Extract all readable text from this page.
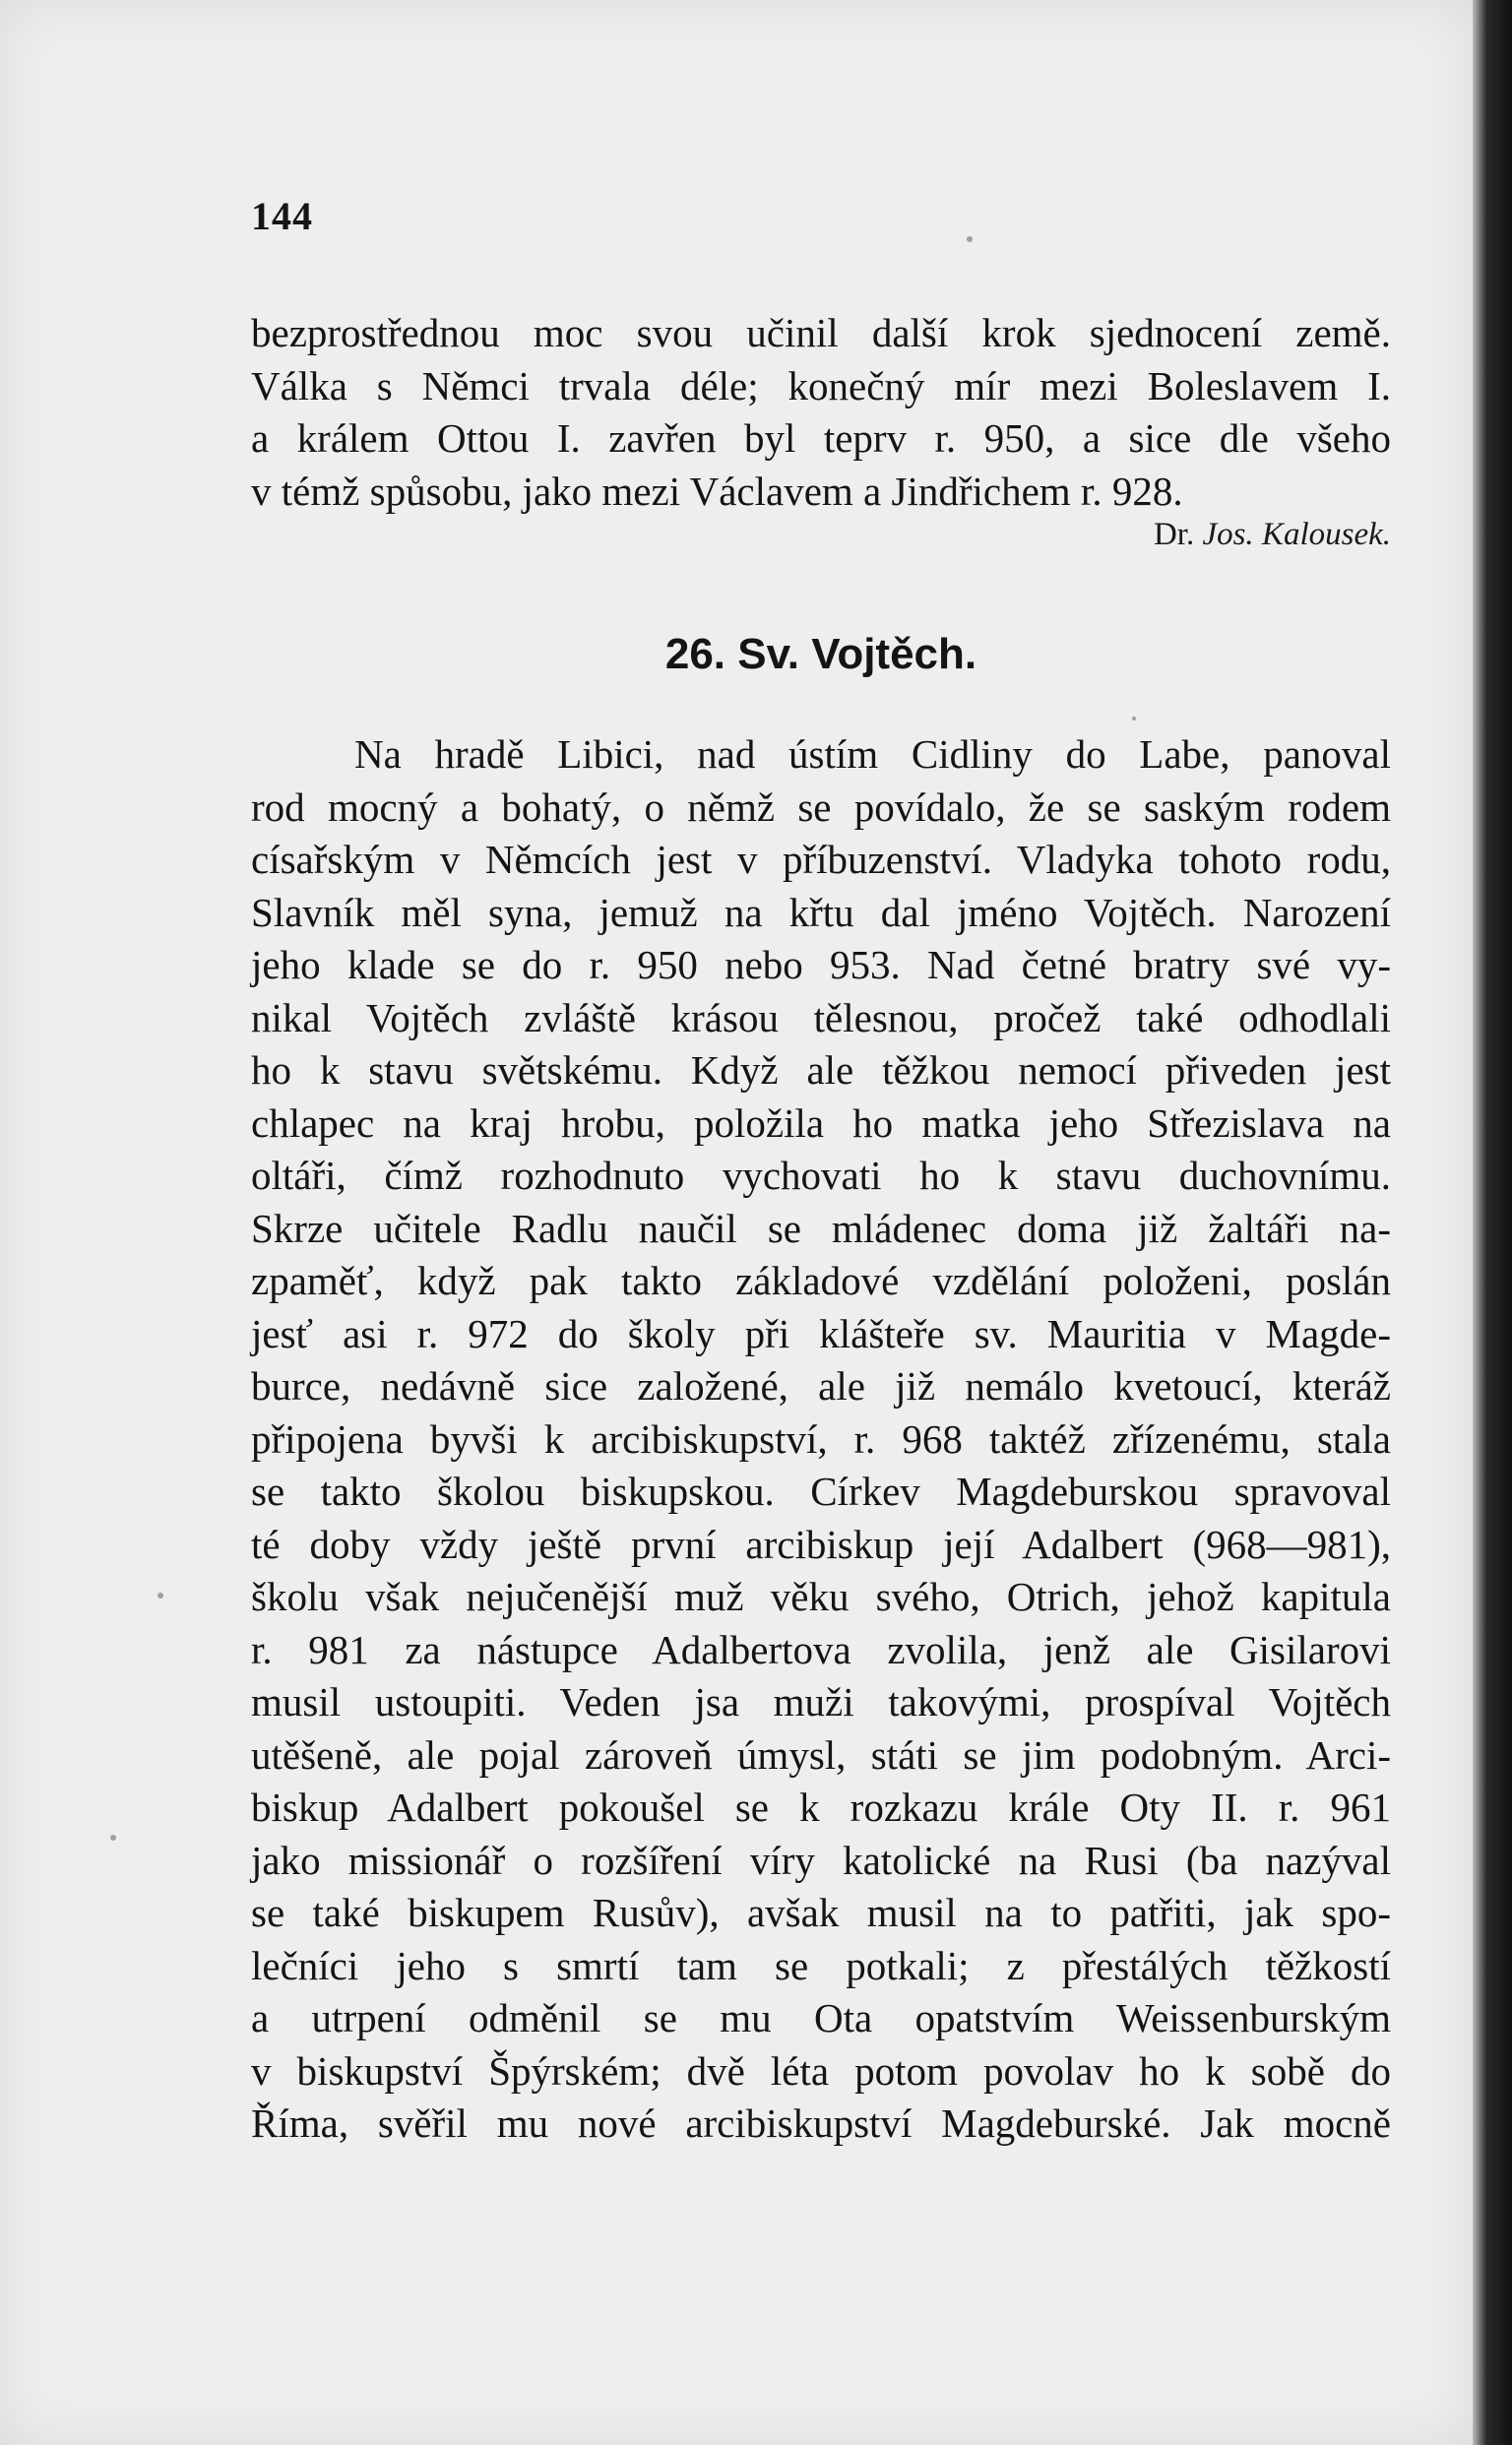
144
bezprostřednou moc svou učinil další krok sjednocení země.
Válka s Němci trvala déle; konečný mír mezi Boleslavem I.
a králem Ottou I. zavřen byl teprv r. 950, a sice dle všeho
v témž spůsobu, jako mezi Václavem a Jindřichem r. 928.
Dr. Jos. Kalousek.
26. Sv. Vojtěch.
Na hradě Libici, nad ústím Cidliny do Labe, panoval
rod mocný a bohatý, o němž se povídalo, že se saským rodem
císařským v Němcích jest v příbuzenství. Vladyka tohoto rodu,
Slavník měl syna, jemuž na křtu dal jméno Vojtěch. Narození
jeho klade se do r. 950 nebo 953. Nad četné bratry své vy-
nikal Vojtěch zvláště krásou tělesnou, pročež také odhodlali
ho k stavu světskému. Když ale těžkou nemocí přiveden jest
chlapec na kraj hrobu, položila ho matka jeho Střezislava na
oltáři, čímž rozhodnuto vychovati ho k stavu duchovnímu.
Skrze učitele Radlu naučil se mládenec doma již žaltáři na-
zpaměť, když pak takto základové vzdělání položeni, poslán
jesť asi r. 972 do školy při klášteře sv. Mauritia v Magde-
burce, nedávně sice založené, ale již nemálo kvetoucí, kteráž
připojena byvši k arcibiskupství, r. 968 taktéž zřízenému, stala
se takto školou biskupskou. Církev Magdeburskou spravoval
té doby vždy ještě první arcibiskup její Adalbert (968—981),
školu však nejučenější muž věku svého, Otrich, jehož kapitula
r. 981 za nástupce Adalbertova zvolila, jenž ale Gisilarovi
musil ustoupiti. Veden jsa muži takovými, prospíval Vojtěch
utěšeně, ale pojal zároveň úmysl, státi se jim podobným. Arci-
biskup Adalbert pokoušel se k rozkazu krále Oty II. r. 961
jako missionář o rozšíření víry katolické na Rusi (ba nazýval
se také biskupem Rusův), avšak musil na to patřiti, jak spo-
lečníci jeho s smrtí tam se potkali; z přestálých těžkostí
a utrpení odměnil se mu Ota opatstvím Weissenburským
v biskupství Špýrském; dvě léta potom povolav ho k sobě do
Říma, svěřil mu nové arcibiskupství Magdeburské. Jak mocně
